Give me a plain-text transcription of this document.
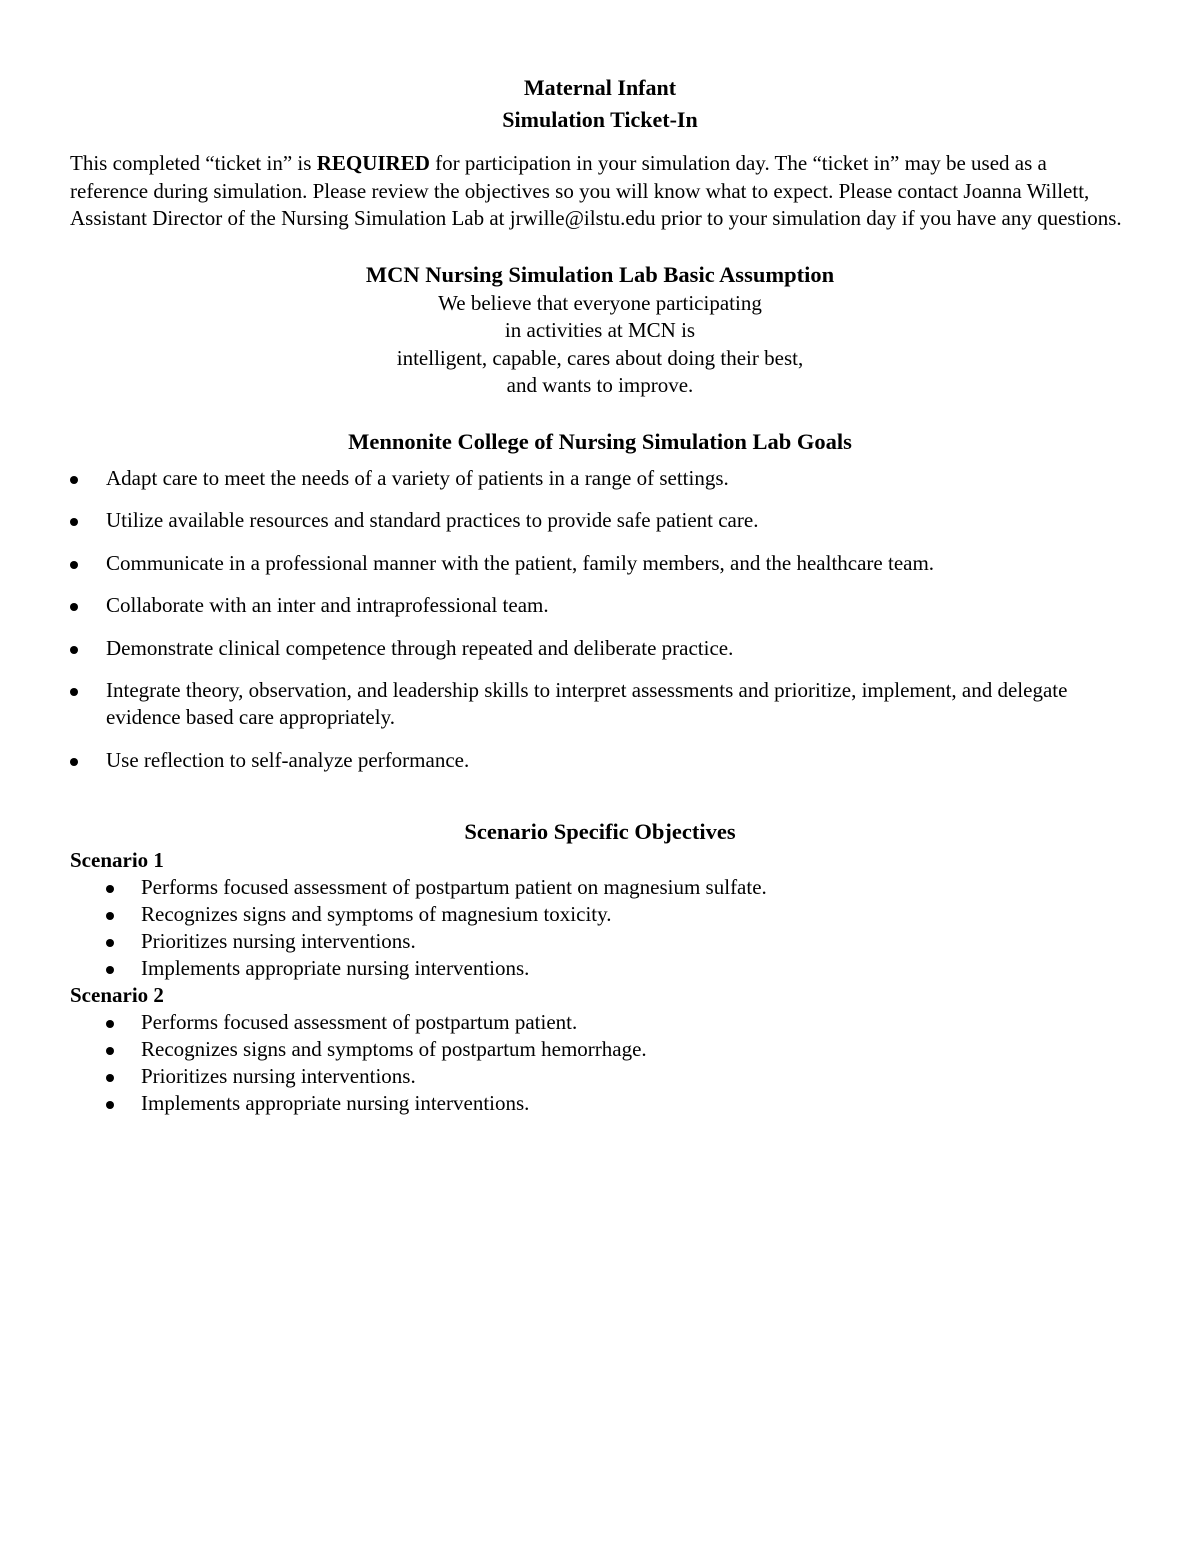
Maternal Infant
Simulation Ticket-In

This completed “ticket in” is REQUIRED for participation in your simulation day. The “ticket in” may be used as a reference during simulation. Please review the objectives so you will know what to expect. Please contact Joanna Willett, Assistant Director of the Nursing Simulation Lab at jrwille@ilstu.edu prior to your simulation day if you have any questions.

MCN Nursing Simulation Lab Basic Assumption

We believe that everyone participating
in activities at MCN is
intelligent, capable, cares about doing their best,
and wants to improve.

Mennonite College of Nursing Simulation Lab Goals
Adapt care to meet the needs of a variety of patients in a range of settings.
Utilize available resources and standard practices to provide safe patient care.
Communicate in a professional manner with the patient, family members, and the healthcare team.
Collaborate with an inter and intraprofessional team.
Demonstrate clinical competence through repeated and deliberate practice.
Integrate theory, observation, and leadership skills to interpret assessments and prioritize, implement, and delegate evidence based care appropriately.
Use reflection to self-analyze performance.
Scenario Specific Objectives

Scenario 1

Performs focused assessment of postpartum patient on magnesium sulfate.
Recognizes signs and symptoms of magnesium toxicity.
Prioritizes nursing interventions.
Implements appropriate nursing interventions.

Scenario 2

Performs focused assessment of postpartum patient.
Recognizes signs and symptoms of postpartum hemorrhage.
Prioritizes nursing interventions.
Implements appropriate nursing interventions.
